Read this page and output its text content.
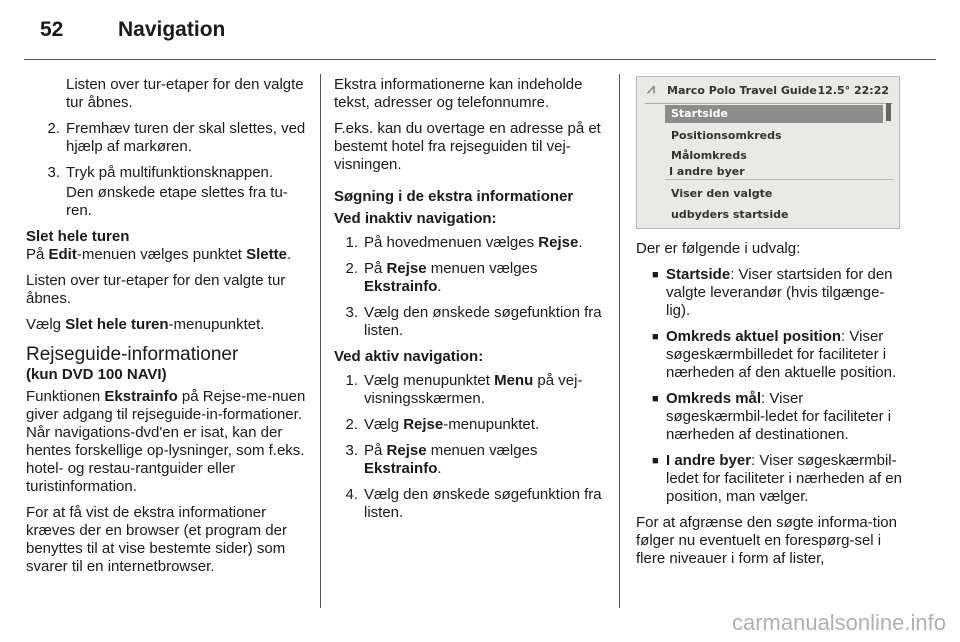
52	Navigation

Listen over tur-etaper for den valgte tur åbnes.

2. Fremhæv turen der skal slettes, ved hjælp af markøren.
3. Tryk på multifunktionsknappen.

Den ønskede etape slettes fra tu-ren.

Slet hele turen

På Edit-menuen vælges punktet Slette.

Listen over tur-etaper for den valgte tur åbnes.

Vælg Slet hele turen-menupunktet.

Rejseguide-informationer

(kun DVD 100 NAVI)

Funktionen Ekstrainfo på Rejse-me-nuen giver adgang til rejseguide-in-formationer. Når navigations-dvd'en er isat, kan der hentes forskellige op-lysninger, som f.eks. hotel- og restau-rantguider eller turistinformation.

For at få vist de ekstra informationer kræves der en browser (et program der benyttes til at vise bestemte sider) som svarer til en internetbrowser.

Ekstra informationerne kan indeholde tekst, adresser og telefonnumre.

F.eks. kan du overtage en adresse på et bestemt hotel fra rejseguiden til vej-visningen.

Søgning i de ekstra informationer

Ved inaktiv navigation:

1. På hovedmenuen vælges Rejse.
2. På Rejse menuen vælges Ekstrainfo.
3. Vælg den ønskede søgefunktion fra listen.

Ved aktiv navigation:

1. Vælg menupunktet Menu på vej-visningsskærmen.
2. Vælg Rejse-menupunktet.
3. På Rejse menuen vælges Ekstrainfo.
4. Vælg den ønskede søgefunktion fra listen.
⩘ Marco Polo Travel Guide 12.5° 22:22
Startside
Positionsomkreds
Målomkreds
I andre byer
Viser den valgte
udbyders startside

Der er følgende i udvalg:

■ Startside: Viser startsiden for den valgte leverandør (hvis tilgænge-lig).
■ Omkreds aktuel position: Viser søgeskærmbilledet for faciliteter i nærheden af den aktuelle position.
■ Omkreds mål: Viser søgeskærmbil-ledet for faciliteter i nærheden af destinationen.
■ I andre byer: Viser søgeskærmbil-ledet for faciliteter i nærheden af en position, man vælger.

For at afgrænse den søgte informa-tion følger nu eventuelt en forespørg-sel i flere niveauer i form af lister,

carmanualsonline.info
